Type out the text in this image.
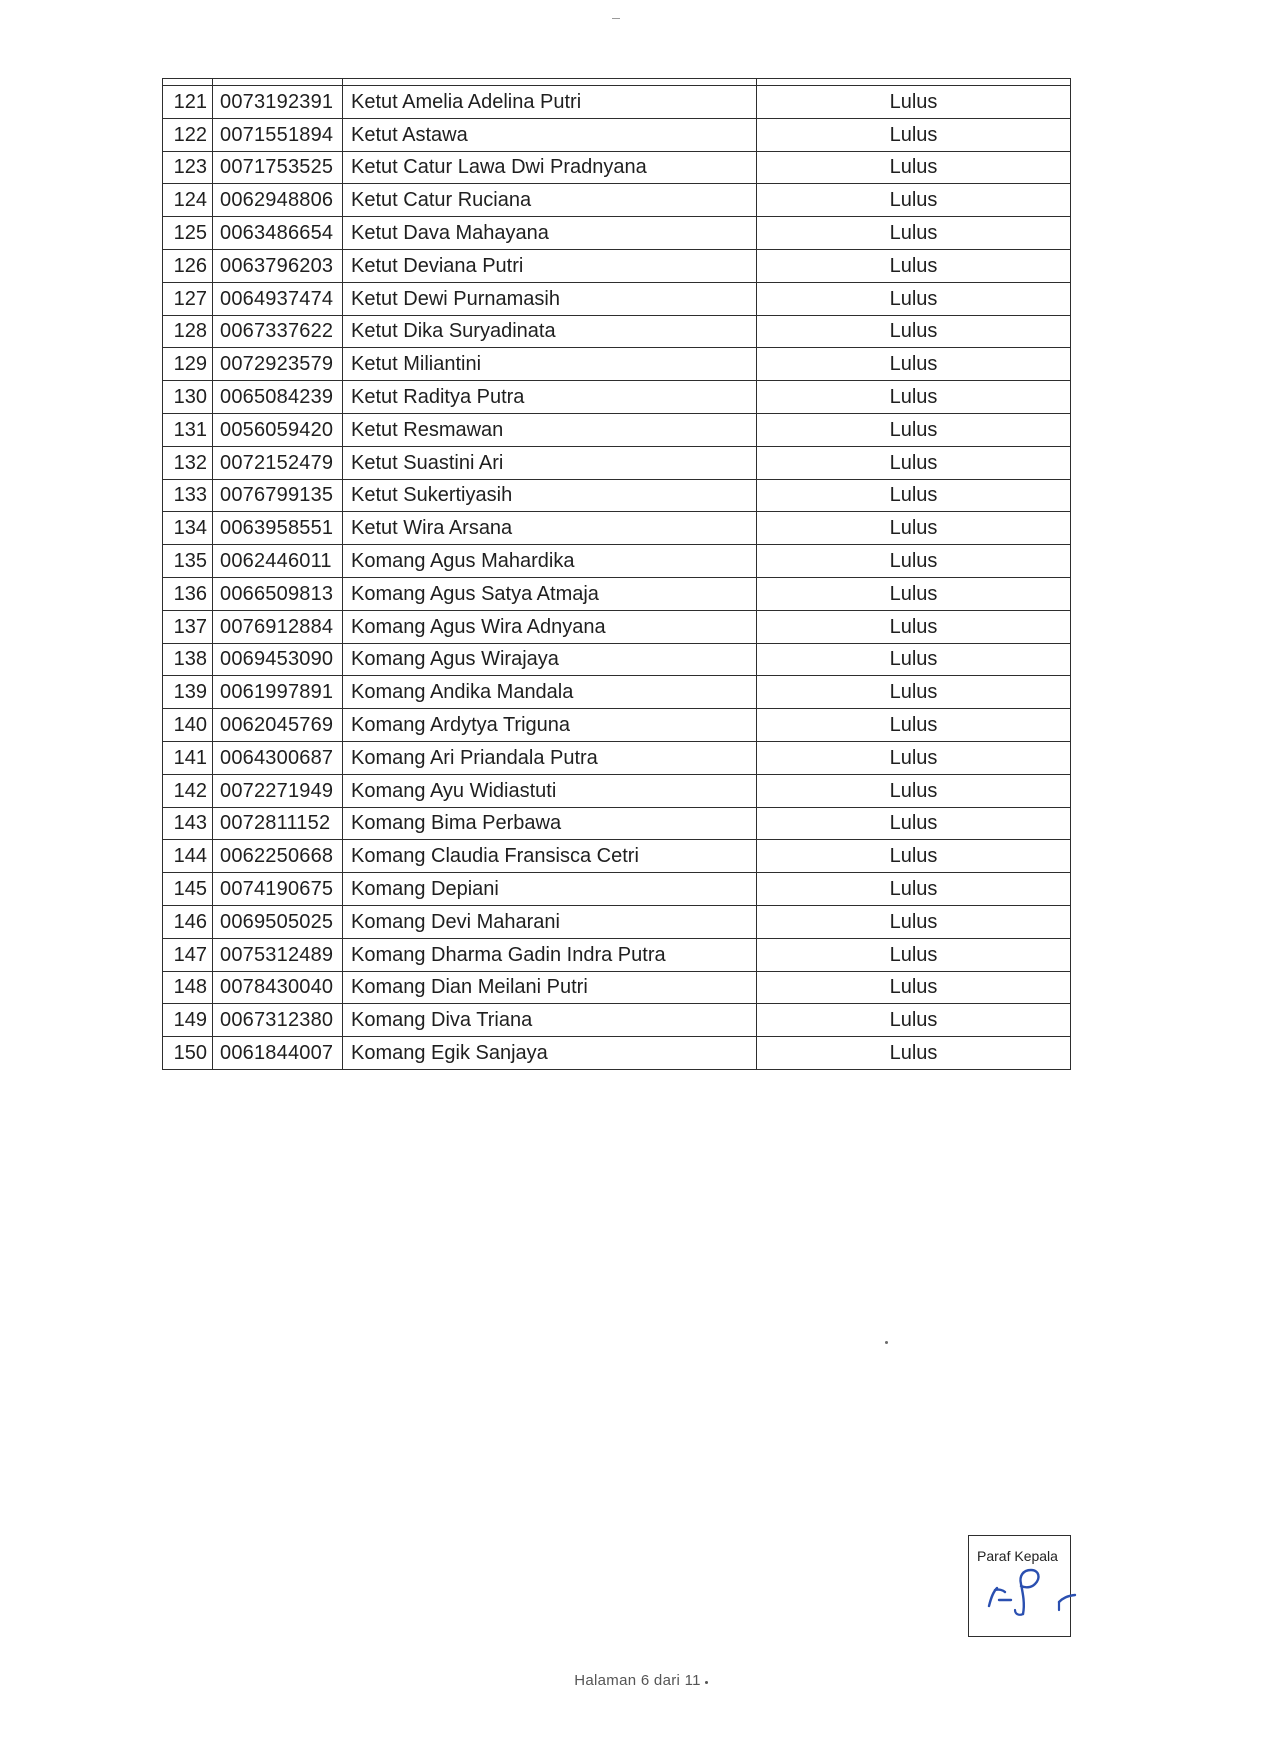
121	0073192391	Ketut Amelia Adelina Putri	Lulus
122	0071551894	Ketut Astawa	Lulus
123	0071753525	Ketut Catur Lawa Dwi Pradnyana	Lulus
124	0062948806	Ketut Catur Ruciana	Lulus
125	0063486654	Ketut Dava Mahayana	Lulus
126	0063796203	Ketut Deviana Putri	Lulus
127	0064937474	Ketut Dewi Purnamasih	Lulus
128	0067337622	Ketut Dika Suryadinata	Lulus
129	0072923579	Ketut Miliantini	Lulus
130	0065084239	Ketut Raditya Putra	Lulus
131	0056059420	Ketut Resmawan	Lulus
132	0072152479	Ketut Suastini Ari	Lulus
133	0076799135	Ketut Sukertiyasih	Lulus
134	0063958551	Ketut Wira Arsana	Lulus
135	0062446011	Komang Agus Mahardika	Lulus
136	0066509813	Komang Agus Satya Atmaja	Lulus
137	0076912884	Komang Agus Wira Adnyana	Lulus
138	0069453090	Komang Agus Wirajaya	Lulus
139	0061997891	Komang Andika Mandala	Lulus
140	0062045769	Komang Ardytya Triguna	Lulus
141	0064300687	Komang Ari Priandala Putra	Lulus
142	0072271949	Komang Ayu Widiastuti	Lulus
143	0072811152	Komang Bima Perbawa	Lulus
144	0062250668	Komang Claudia Fransisca Cetri	Lulus
145	0074190675	Komang Depiani	Lulus
146	0069505025	Komang Devi Maharani	Lulus
147	0075312489	Komang Dharma Gadin Indra Putra	Lulus
148	0078430040	Komang Dian Meilani Putri	Lulus
149	0067312380	Komang Diva Triana	Lulus
150	0061844007	Komang Egik Sanjaya	Lulus
Paraf Kepala
Halaman 6 dari 11
